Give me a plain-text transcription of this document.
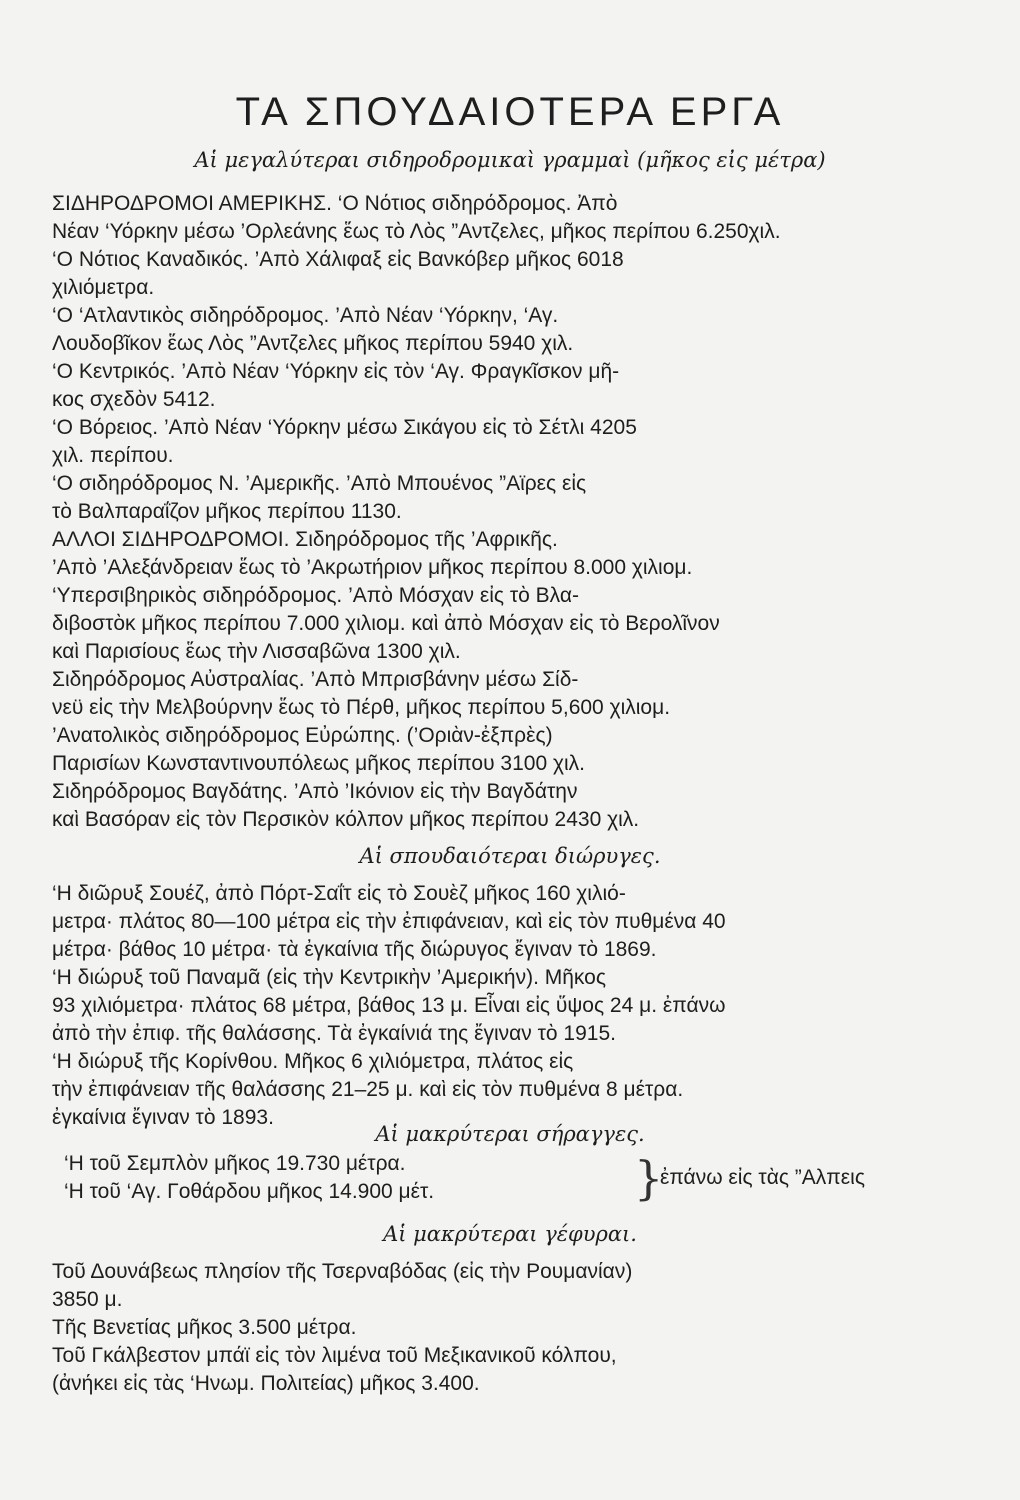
ΤΑ ΣΠΟΥΔΑΙΟΤΕΡΑ ΕΡΓΑ
Αἱ μεγαλύτεραι σιδηροδρομικαὶ γραμμαὶ (μῆκος εἰς μέτρα)
ΣΙΔΗΡΟΔΡΟΜΟΙ ΑΜΕΡΙΚΗΣ. ‘Ο Νότιος σιδηρόδρομος. Ἀπὸ
Νέαν ‘Υόρκην μέσω ’Ορλεάνης ἕως τὸ Λὸς ”Αντζελες, μῆκος περίπου 6.250χιλ.
‘Ο Νότιος Καναδικός. ’Απὸ Χάλιφαξ εἰς Βανκόβερ μῆκος 6018
χιλιόμετρα.
‘Ο ‘Ατλαντικὸς σιδηρόδρομος. ’Απὸ Νέαν ‘Υόρκην, ‘Αγ.
Λουδοβῖκον ἕως Λὸς ”Αντζελες μῆκος περίπου 5940 χιλ.
‘Ο Κεντρικός. ’Απὸ Νέαν ‘Υόρκην εἰς τὸν ‘Αγ. Φραγκῖσκον μῆ-
κος σχεδὸν 5412.
‘Ο Βόρειος. ’Απὸ Νέαν ‘Υόρκην μέσω Σικάγου εἰς τὸ Σέτλι 4205
χιλ. περίπου.
‘Ο σιδηρόδρομος Ν. ’Αμερικῆς. ’Απὸ Μπουένος ”Αϊρες εἰς
τὸ Βαλπαραΐζον μῆκος περίπου 1130.
ΑΛΛΟΙ ΣΙΔΗΡΟΔΡΟΜΟΙ. Σιδηρόδρομος τῆς ’Αφρικῆς.
’Απὸ ’Αλεξάνδρειαν ἕως τὸ ’Ακρωτήριον μῆκος περίπου 8.000 χιλιομ.
‘Υπερσιβηρικὸς σιδηρόδρομος. ’Απὸ Μόσχαν εἰς τὸ Βλα-
διβοστὸκ μῆκος περίπου 7.000 χιλιομ. καὶ ἀπὸ Μόσχαν εἰς τὸ Βερολῖνον
καὶ Παρισίους ἕως τὴν Λισσαβῶνα 1300 χιλ.
Σιδηρόδρομος Αὐστραλίας. ’Απὸ Μπρισβάνην μέσω Σίδ-
νεϋ εἰς τὴν Μελβούρνην ἕως τὸ Πέρθ, μῆκος περίπου 5,600 χιλιομ.
’Ανατολικὸς σιδηρόδρομος Εὐρώπης. (’Οριὰν-ἐξπρὲς)
Παρισίων Κωνσταντινουπόλεως μῆκος περίπου 3100 χιλ.
Σιδηρόδρομος Βαγδάτης. ’Απὸ ’Ικόνιον εἰς τὴν Βαγδάτην
καὶ Βασόραν εἰς τὸν Περσικὸν κόλπον μῆκος περίπου 2430 χιλ.
Αἱ σπουδαιότεραι διώρυγες.
‘Η διῶρυξ Σουέζ, ἀπὸ Πόρτ-Σαΐτ εἰς τὸ Σουὲζ μῆκος 160 χιλιό-
μετρα· πλάτος 80—100 μέτρα εἰς τὴν ἐπιφάνειαν, καὶ εἰς τὸν πυθμένα 40
μέτρα· βάθος 10 μέτρα· τὰ ἐγκαίνια τῆς διώρυγος ἔγιναν τὸ 1869.
‘Η διώρυξ τοῦ Παναμᾶ (εἰς τὴν Κεντρικὴν ’Αμερικήν). Μῆκος
93 χιλιόμετρα· πλάτος 68 μέτρα, βάθος 13 μ. Εἶναι εἰς ὕψος 24 μ. ἐπάνω
ἀπὸ τὴν ἐπιφ. τῆς θαλάσσης. Τὰ ἐγκαίνιά της ἔγιναν τὸ 1915.
‘Η διώρυξ τῆς Κορίνθου. Μῆκος 6 χιλιόμετρα, πλάτος εἰς
τὴν ἐπιφάνειαν τῆς θαλάσσης 21–25 μ. καὶ εἰς τὸν πυθμένα 8 μέτρα.
ἐγκαίνια ἔγιναν τὸ 1893.
Αἱ μακρύτεραι σήραγγες.
‘Η τοῦ Σεμπλὸν μῆκος 19.730 μέτρα.
‘Η τοῦ ‘Αγ. Γοθάρδου μῆκος 14.900 μέτ.	}
ἐπάνω εἰς τὰς ”Αλπεις
Αἱ μακρύτεραι γέφυραι.
Τοῦ Δουνάβεως πλησίον τῆς Τσερναβόδας (εἰς τὴν Ρουμανίαν)
3850 μ.
Τῆς Βενετίας μῆκος 3.500 μέτρα.
Τοῦ Γκάλβεστον μπάϊ εἰς τὸν λιμένα τοῦ Μεξικανικοῦ κόλπου,
(ἀνήκει εἰς τὰς ‘Ηνωμ. Πολιτείας) μῆκος 3.400.
